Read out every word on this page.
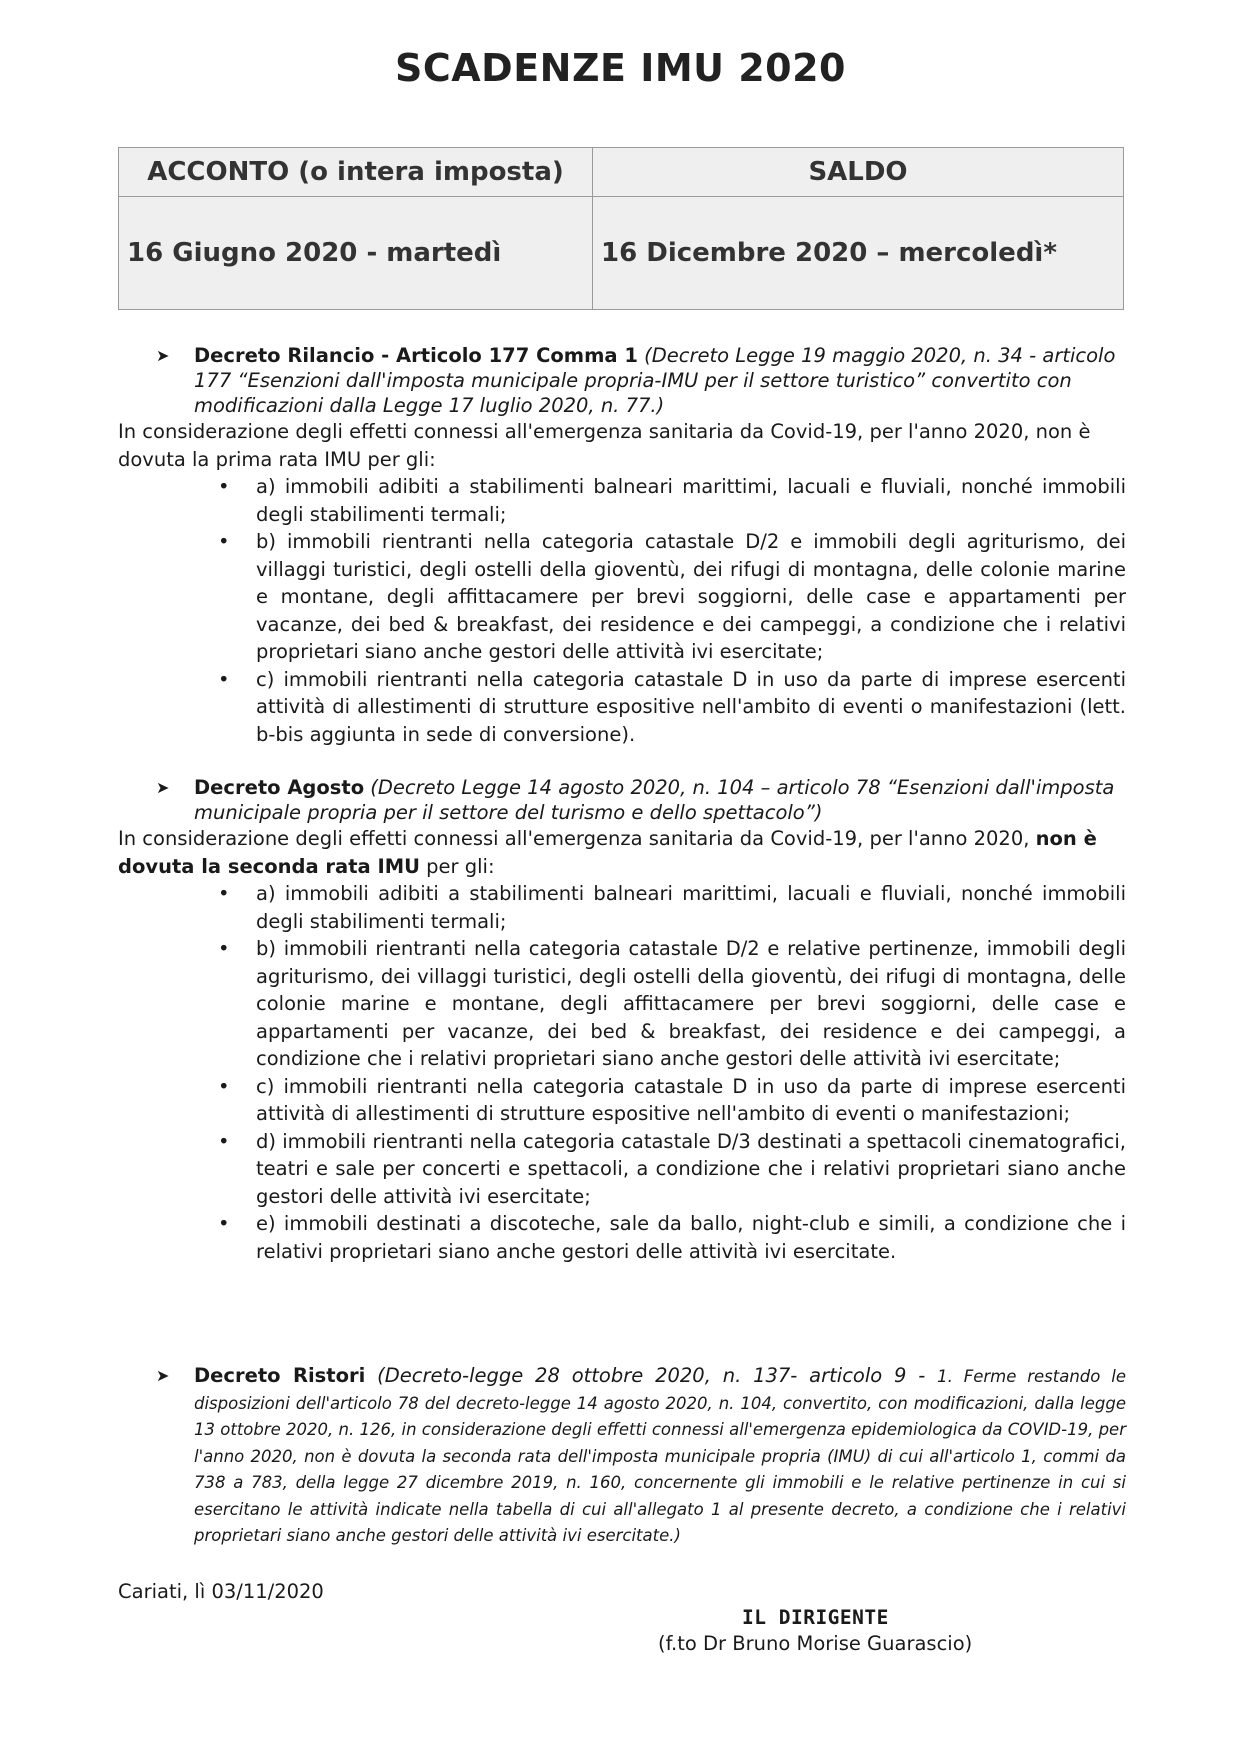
SCADENZE IMU 2020
ACCONTO (o intera imposta)	SALDO
16 Giugno 2020 - martedì	16 Dicembre 2020 – mercoledì*
➤ Decreto Rilancio - Articolo 177 Comma 1 (Decreto Legge 19 maggio 2020, n. 34 - articolo 177 “Esenzioni dall'imposta municipale propria-IMU per il settore turistico” convertito con modificazioni dalla Legge 17 luglio 2020, n. 77.)
In considerazione degli effetti connessi all'emergenza sanitaria da Covid-19, per l'anno 2020, non è dovuta la prima rata IMU per gli:
• a) immobili adibiti a stabilimenti balneari marittimi, lacuali e fluviali, nonché immobili degli stabilimenti termali;
• b) immobili rientranti nella categoria catastale D/2 e immobili degli agriturismo, dei villaggi turistici, degli ostelli della gioventù, dei rifugi di montagna, delle colonie marine e montane, degli affittacamere per brevi soggiorni, delle case e appartamenti per vacanze, dei bed & breakfast, dei residence e dei campeggi, a condizione che i relativi proprietari siano anche gestori delle attività ivi esercitate;
• c) immobili rientranti nella categoria catastale D in uso da parte di imprese esercenti attività di allestimenti di strutture espositive nell'ambito di eventi o manifestazioni (lett. b-bis aggiunta in sede di conversione).
➤ Decreto Agosto (Decreto Legge 14 agosto 2020, n. 104 – articolo 78 “Esenzioni dall'imposta municipale propria per il settore del turismo e dello spettacolo”)
In considerazione degli effetti connessi all'emergenza sanitaria da Covid-19, per l'anno 2020, non è dovuta la seconda rata IMU per gli:
• a) immobili adibiti a stabilimenti balneari marittimi, lacuali e fluviali, nonché immobili degli stabilimenti termali;
• b) immobili rientranti nella categoria catastale D/2 e relative pertinenze, immobili degli agriturismo, dei villaggi turistici, degli ostelli della gioventù, dei rifugi di montagna, delle colonie marine e montane, degli affittacamere per brevi soggiorni, delle case e appartamenti per vacanze, dei bed & breakfast, dei residence e dei campeggi, a condizione che i relativi proprietari siano anche gestori delle attività ivi esercitate;
• c) immobili rientranti nella categoria catastale D in uso da parte di imprese esercenti attività di allestimenti di strutture espositive nell'ambito di eventi o manifestazioni;
• d) immobili rientranti nella categoria catastale D/3 destinati a spettacoli cinematografici, teatri e sale per concerti e spettacoli, a condizione che i relativi proprietari siano anche gestori delle attività ivi esercitate;
• e) immobili destinati a discoteche, sale da ballo, night-club e simili, a condizione che i relativi proprietari siano anche gestori delle attività ivi esercitate.
➤ Decreto Ristori (Decreto-legge 28 ottobre 2020, n. 137- articolo 9 - 1. Ferme restando le disposizioni dell'articolo 78 del decreto-legge 14 agosto 2020, n. 104, convertito, con modificazioni, dalla legge 13 ottobre 2020, n. 126, in considerazione degli effetti connessi all'emergenza epidemiologica da COVID-19, per l'anno 2020, non è dovuta la seconda rata dell'imposta municipale propria (IMU) di cui all'articolo 1, commi da 738 a 783, della legge 27 dicembre 2019, n. 160, concernente gli immobili e le relative pertinenze in cui si esercitano le attività indicate nella tabella di cui all'allegato 1 al presente decreto, a condizione che i relativi proprietari siano anche gestori delle attività ivi esercitate.)
Cariati, lì 03/11/2020
IL DIRIGENTE
(f.to Dr Bruno Morise Guarascio)
